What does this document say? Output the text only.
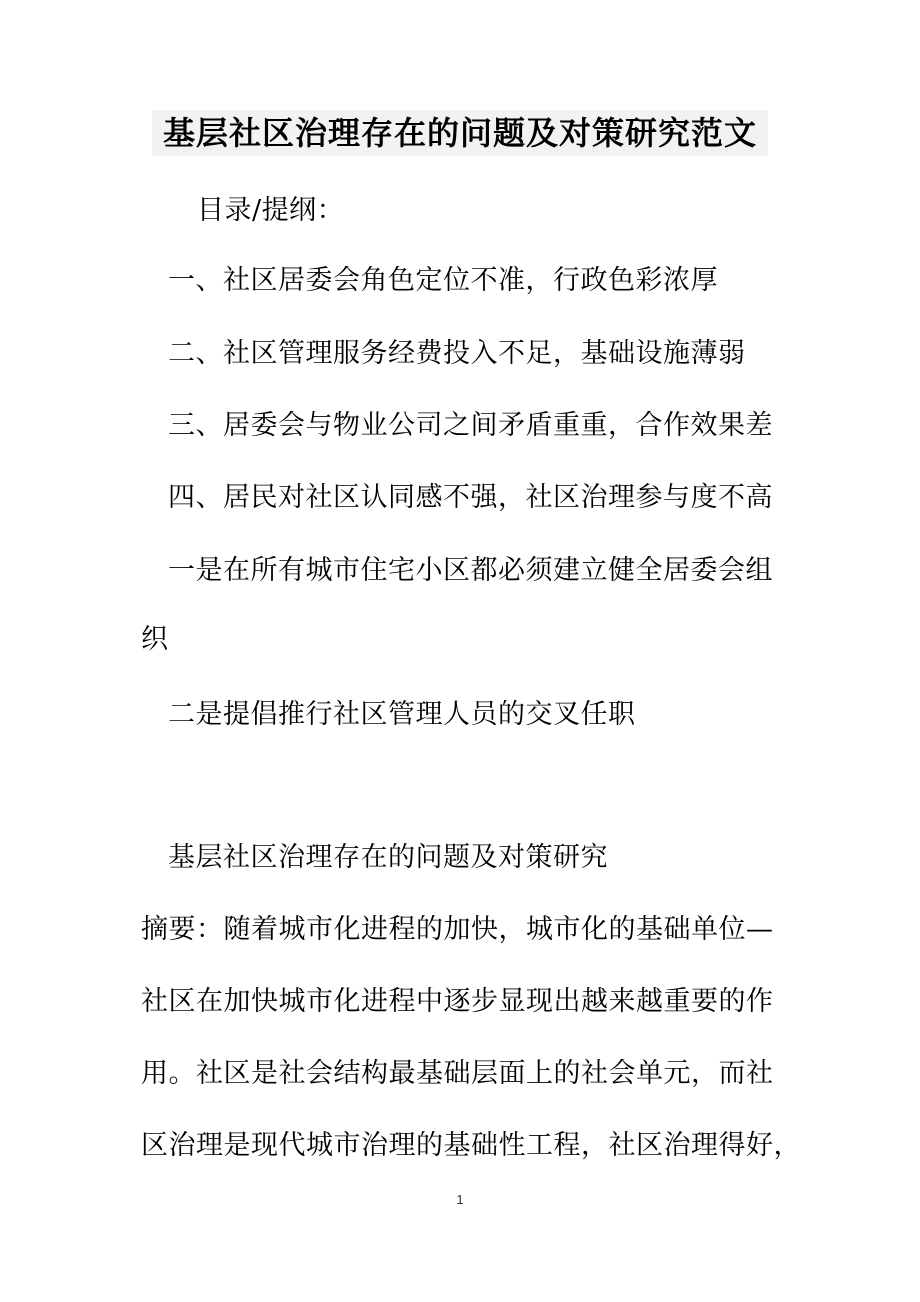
基层社区治理存在的问题及对策研究范文
目录/提纲：
一、社区居委会角色定位不准，行政色彩浓厚
二、社区管理服务经费投入不足，基础设施薄弱
三、居委会与物业公司之间矛盾重重，合作效果差
四、居民对社区认同感不强，社区治理参与度不高
一是在所有城市住宅小区都必须建立健全居委会组
织
二是提倡推行社区管理人员的交叉任职
基层社区治理存在的问题及对策研究
摘要：随着城市化进程的加快，城市化的基础单位—
社区在加快城市化进程中逐步显现出越来越重要的作
用。社区是社会结构最基础层面上的社会单元，而社
区治理是现代城市治理的基础性工程，社区治理得好，
1
